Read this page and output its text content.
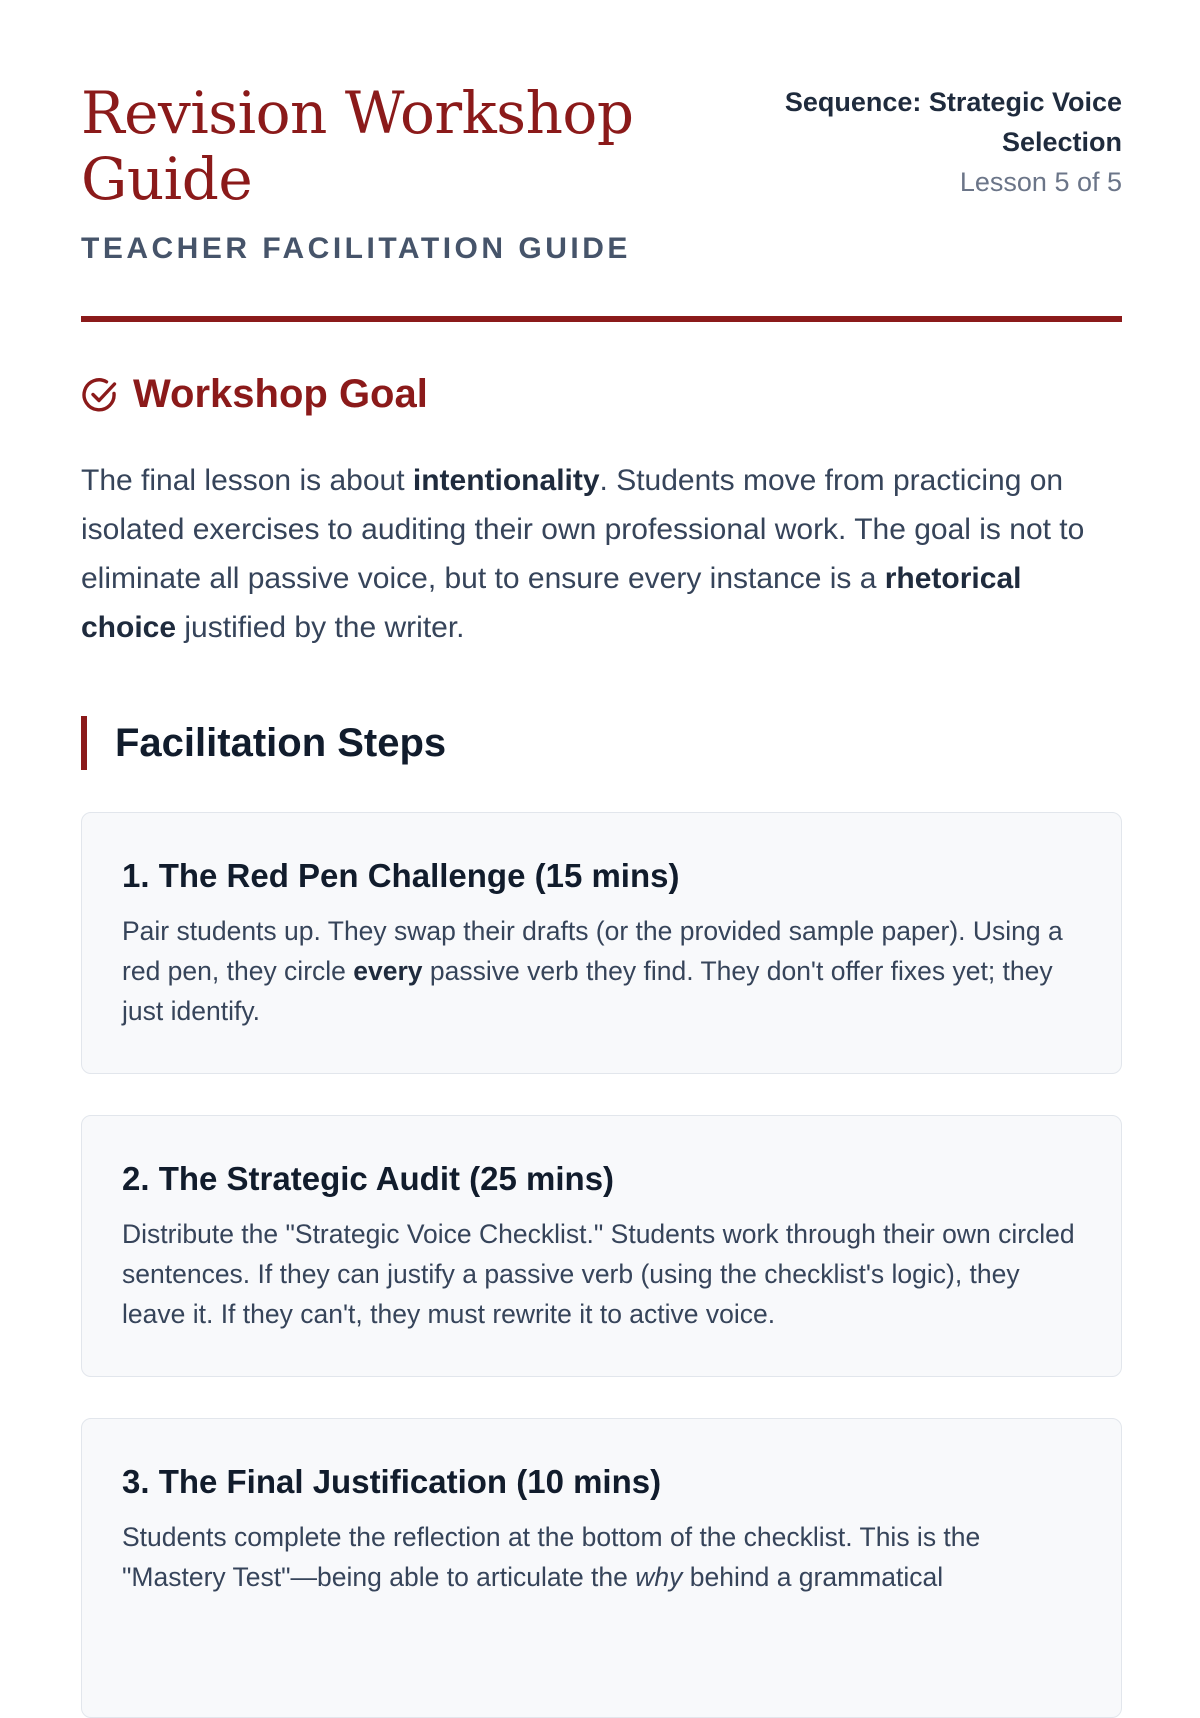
Revision Workshop Guide
TEACHER FACILITATION GUIDE
Sequence: Strategic Voice Selection
Lesson 5 of 5
Workshop Goal

The final lesson is about intentionality. Students move from practicing on isolated exercises to auditing their own professional work. The goal is not to eliminate all passive voice, but to ensure every instance is a rhetorical choice justified by the writer.

Facilitation Steps
1. The Red Pen Challenge (15 mins)

Pair students up. They swap their drafts (or the provided sample paper). Using a red pen, they circle every passive verb they find. They don't offer fixes yet; they just identify.

2. The Strategic Audit (25 mins)

Distribute the "Strategic Voice Checklist." Students work through their own circled sentences. If they can justify a passive verb (using the checklist's logic), they leave it. If they can't, they must rewrite it to active voice.

3. The Final Justification (10 mins)

Students complete the reflection at the bottom of the checklist. This is the "Mastery Test"—being able to articulate the why behind a grammatical
